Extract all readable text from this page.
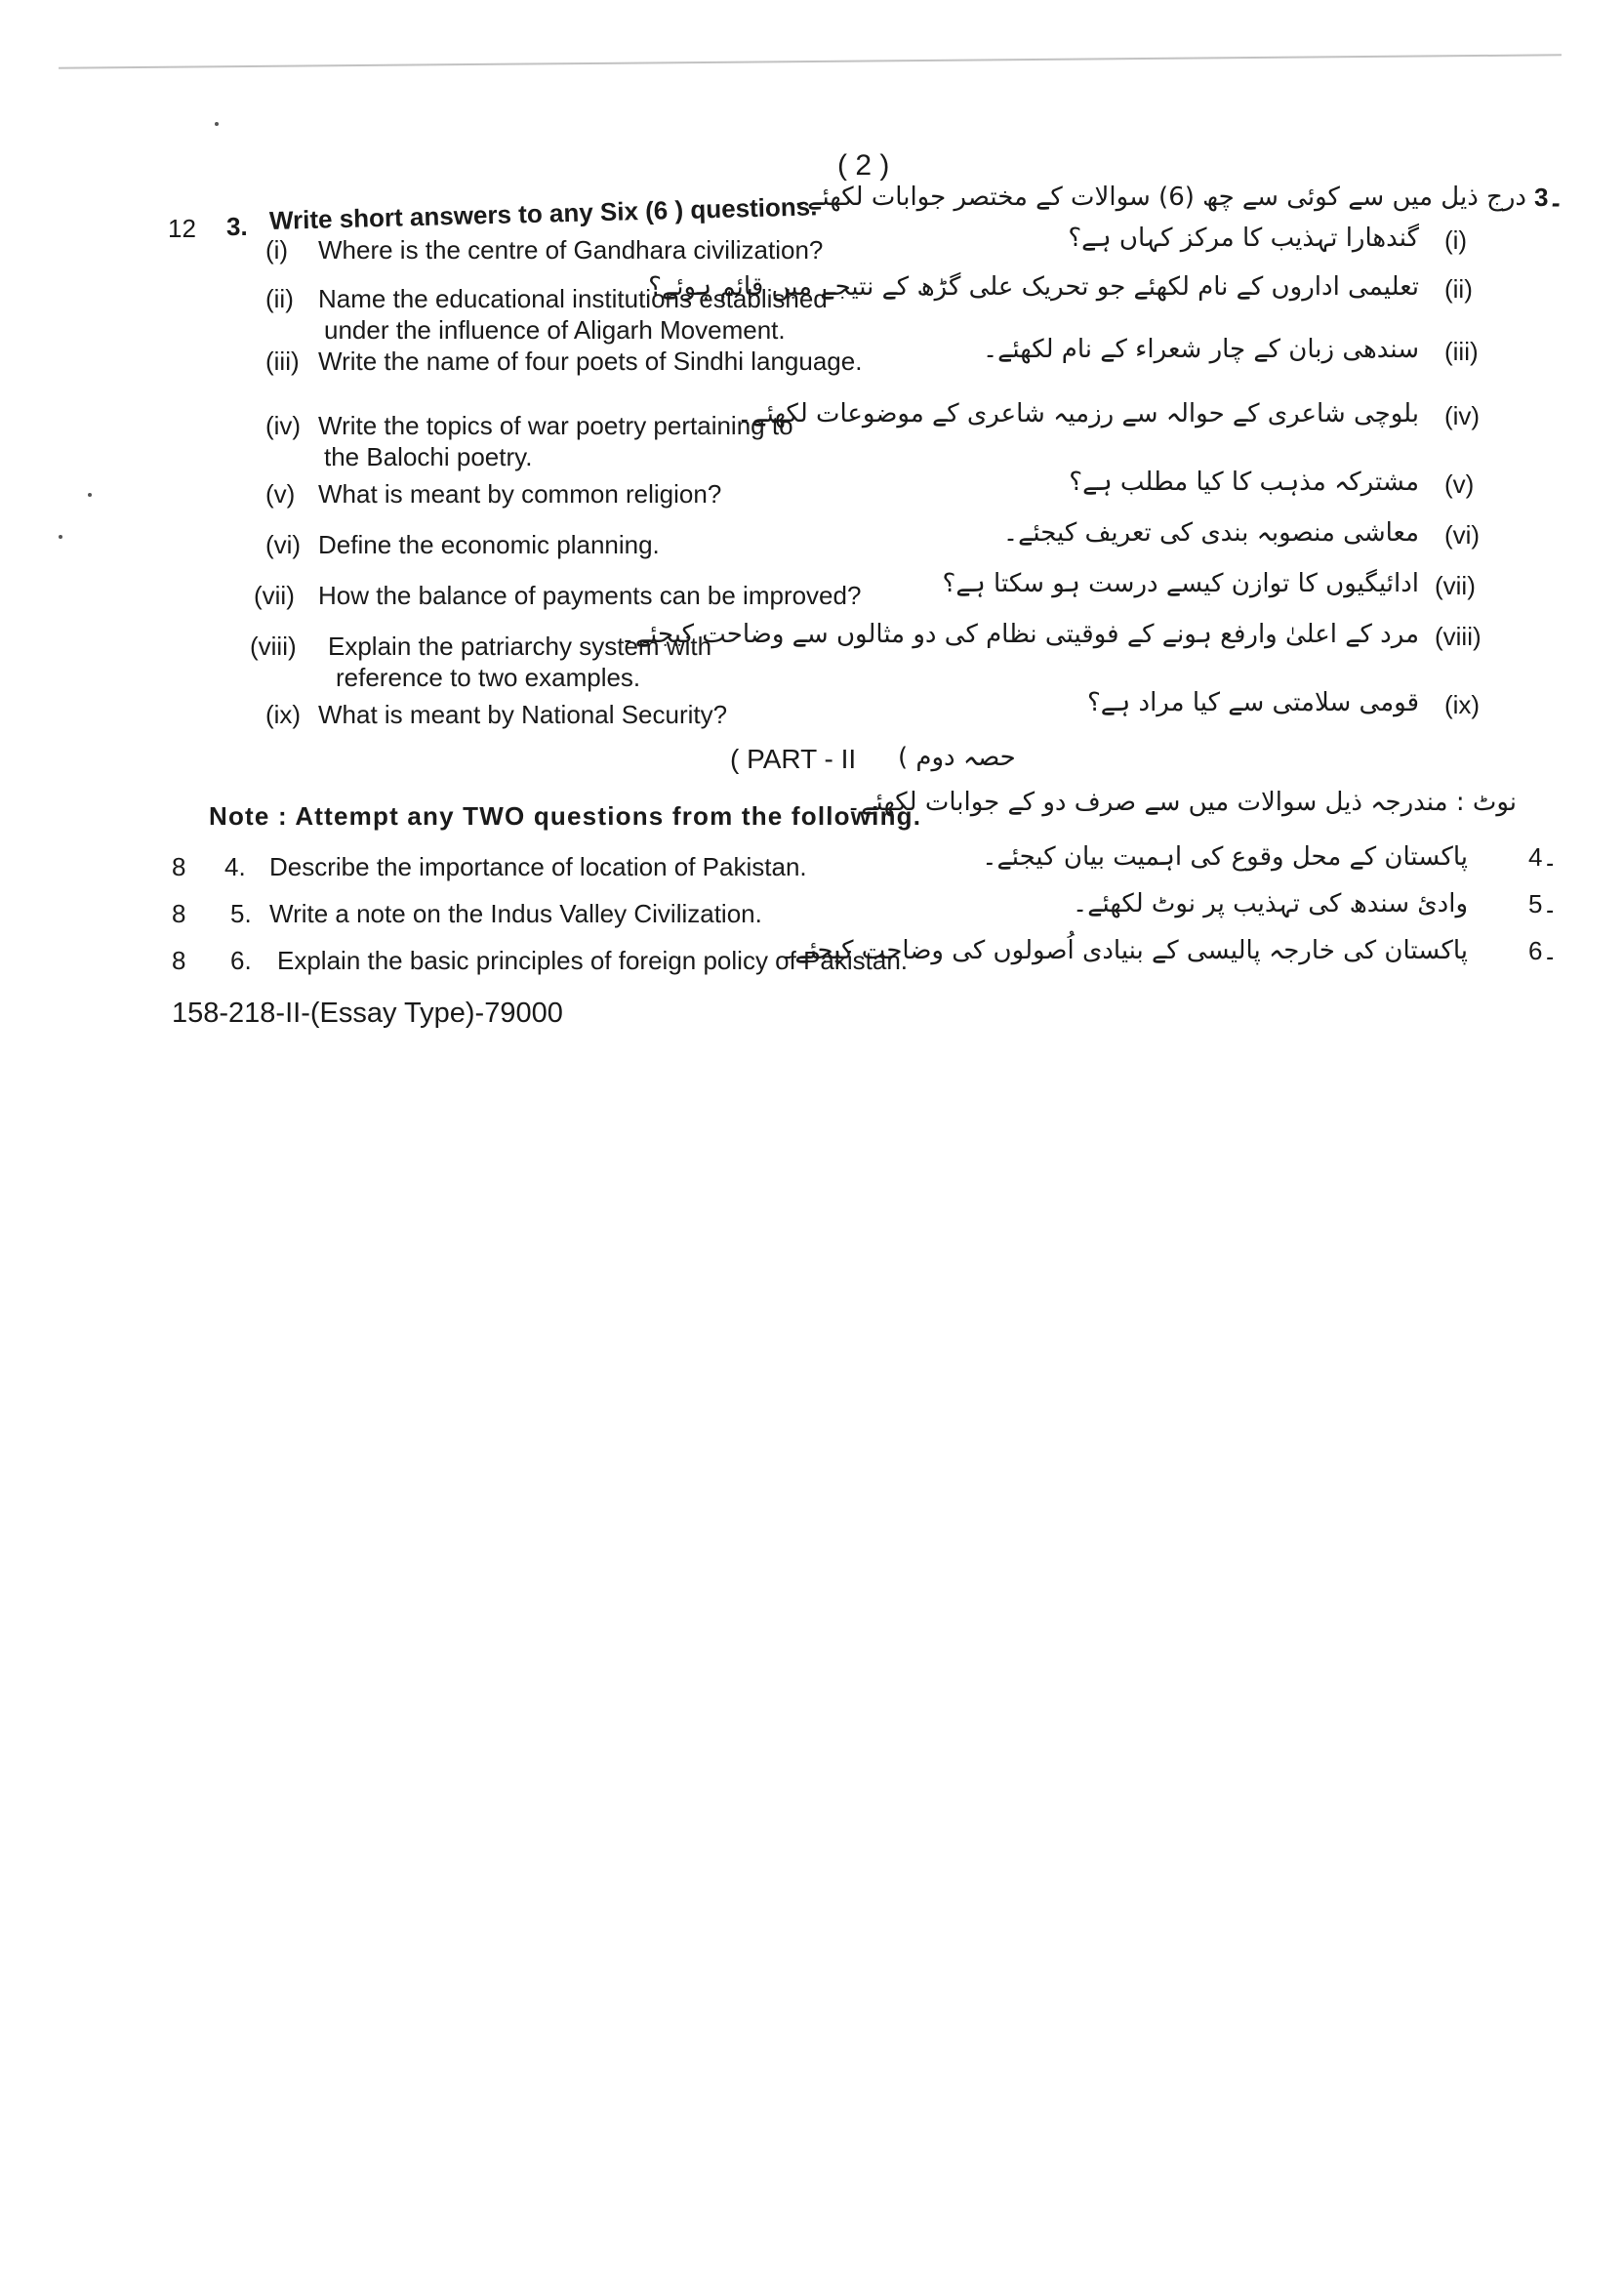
( 2 )
12 3. Write short answers to any Six (6 ) questions.
درج ذیل میں سے کوئی سے چھ (6) سوالات کے مختصر جوابات لکھئے۔ 3۔
(i) Where is the centre of Gandhara civilization?	(i)
گندھارا تہذیب کا مرکز کہاں ہے؟
(ii) Name the educational institutions established
under the influence of Aligarh Movement.
(ii)
تعلیمی اداروں کے نام لکھئے جو تحریک علی گڑھ کے نتیجے میں قائم ہوئے؟
(iii) Write the name of four poets of Sindhi language.	(iii)
سندھی زبان کے چار شعراء کے نام لکھئے۔
(iv) Write the topics of war poetry pertaining to
the Balochi poetry.
(iv)
بلوچی شاعری کے حوالہ سے رزمیہ شاعری کے موضوعات لکھئے۔
(v) What is meant by common religion?	(v)
مشترکہ مذہب کا کیا مطلب ہے؟
(vi) Define the economic planning.	(vi)
معاشی منصوبہ بندی کی تعریف کیجئے۔
(vii) How the balance of payments can be improved?	(vii)
ادائیگیوں کا توازن کیسے درست ہو سکتا ہے؟
(viii) Explain the patriarchy system with
reference to two examples.
(viii)
مرد کے اعلیٰ وارفع ہونے کے فوقیتی نظام کی دو مثالوں سے وضاحت کیجئے۔
(ix) What is meant by National Security?	(ix)
قومی سلامتی سے کیا مراد ہے؟
( PART - II حصہ دوم )
Note : Attempt any TWO questions from the following.
نوٹ : مندرجہ ذیل سوالات میں سے صرف دو کے جوابات لکھئے۔
8 4. Describe the importance of location of Pakistan.	پاکستان کے محل وقوع کی اہمیت بیان کیجئے۔ 4۔
8 5. Write a note on the Indus Valley Civilization.	وادئ سندھ کی تہذیب پر نوٹ لکھئے۔ 5۔
8 6. Explain the basic principles of foreign policy of Pakistan.
پاکستان کی خارجہ پالیسی کے بنیادی اُصولوں کی وضاحت کیجئے۔ 6۔
158-218-II-(Essay Type)-79000
